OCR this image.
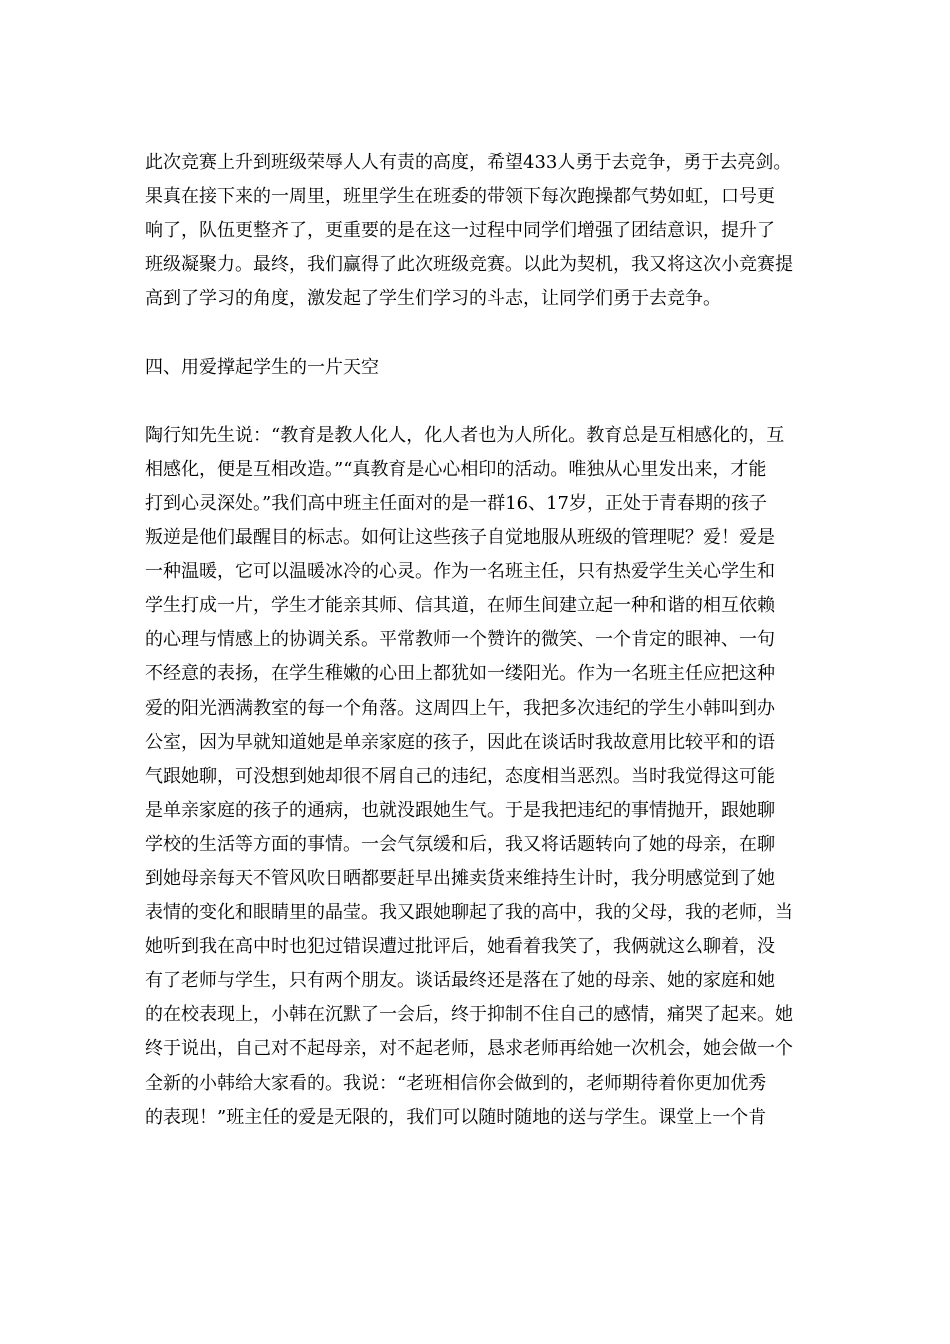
此次竞赛上升到班级荣辱人人有责的高度，希望433人勇于去竞争，勇于去亮剑。
果真在接下来的一周里，班里学生在班委的带领下每次跑操都气势如虹，口号更
响了，队伍更整齐了，更重要的是在这一过程中同学们增强了团结意识，提升了
班级凝聚力。最终，我们赢得了此次班级竞赛。以此为契机，我又将这次小竞赛提
高到了学习的角度，激发起了学生们学习的斗志，让同学们勇于去竞争。
四、用爱撑起学生的一片天空
陶行知先生说：“教育是教人化人，化人者也为人所化。教育总是互相感化的，互
相感化，便是互相改造。”“真教育是心心相印的活动。唯独从心里发出来，才能
打到心灵深处。”我们高中班主任面对的是一群16、17岁，正处于青春期的孩子
叛逆是他们最醒目的标志。如何让这些孩子自觉地服从班级的管理呢？爱！爱是
一种温暖，它可以温暖冰冷的心灵。作为一名班主任，只有热爱学生关心学生和
学生打成一片，学生才能亲其师、信其道，在师生间建立起一种和谐的相互依赖
的心理与情感上的协调关系。平常教师一个赞许的微笑、一个肯定的眼神、一句
不经意的表扬，在学生稚嫩的心田上都犹如一缕阳光。作为一名班主任应把这种
爱的阳光洒满教室的每一个角落。这周四上午，我把多次违纪的学生小韩叫到办
公室，因为早就知道她是单亲家庭的孩子，因此在谈话时我故意用比较平和的语
气跟她聊，可没想到她却很不屑自己的违纪，态度相当恶烈。当时我觉得这可能
是单亲家庭的孩子的通病，也就没跟她生气。于是我把违纪的事情抛开，跟她聊
学校的生活等方面的事情。一会气氛缓和后，我又将话题转向了她的母亲，在聊
到她母亲每天不管风吹日晒都要赶早出摊卖货来维持生计时，我分明感觉到了她
表情的变化和眼睛里的晶莹。我又跟她聊起了我的高中，我的父母，我的老师，当
她听到我在高中时也犯过错误遭过批评后，她看着我笑了，我俩就这么聊着，没
有了老师与学生，只有两个朋友。谈话最终还是落在了她的母亲、她的家庭和她
的在校表现上，小韩在沉默了一会后，终于抑制不住自己的感情，痛哭了起来。她
终于说出，自己对不起母亲，对不起老师，恳求老师再给她一次机会，她会做一个
全新的小韩给大家看的。我说：“老班相信你会做到的，老师期待着你更加优秀
的表现！”班主任的爱是无限的，我们可以随时随地的送与学生。课堂上一个肯
